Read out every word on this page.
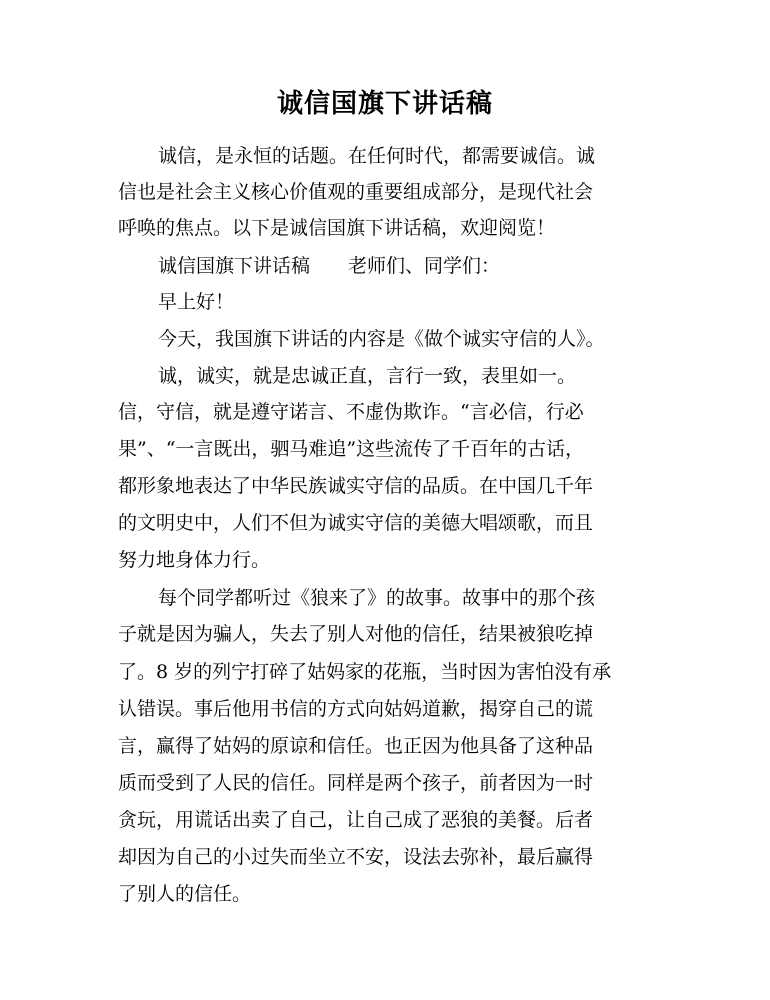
诚信国旗下讲话稿
诚信，是永恒的话题。在任何时代，都需要诚信。诚
信也是社会主义核心价值观的重要组成部分，是现代社会
呼唤的焦点。以下是诚信国旗下讲话稿，欢迎阅览！
诚信国旗下讲话稿　　老师们、同学们：
早上好！
今天，我国旗下讲话的内容是《做个诚实守信的人》。
诚，诚实，就是忠诚正直，言行一致，表里如一。
信，守信，就是遵守诺言、不虚伪欺诈。“言必信，行必
果”、“一言既出，驷马难追”这些流传了千百年的古话，
都形象地表达了中华民族诚实守信的品质。在中国几千年
的文明史中，人们不但为诚实守信的美德大唱颂歌，而且
努力地身体力行。
每个同学都听过《狼来了》的故事。故事中的那个孩
子就是因为骗人，失去了别人对他的信任，结果被狼吃掉
了。8 岁的列宁打碎了姑妈家的花瓶，当时因为害怕没有承
认错误。事后他用书信的方式向姑妈道歉，揭穿自己的谎
言，赢得了姑妈的原谅和信任。也正因为他具备了这种品
质而受到了人民的信任。同样是两个孩子，前者因为一时
贪玩，用谎话出卖了自己，让自己成了恶狼的美餐。后者
却因为自己的小过失而坐立不安，设法去弥补，最后赢得
了别人的信任。
